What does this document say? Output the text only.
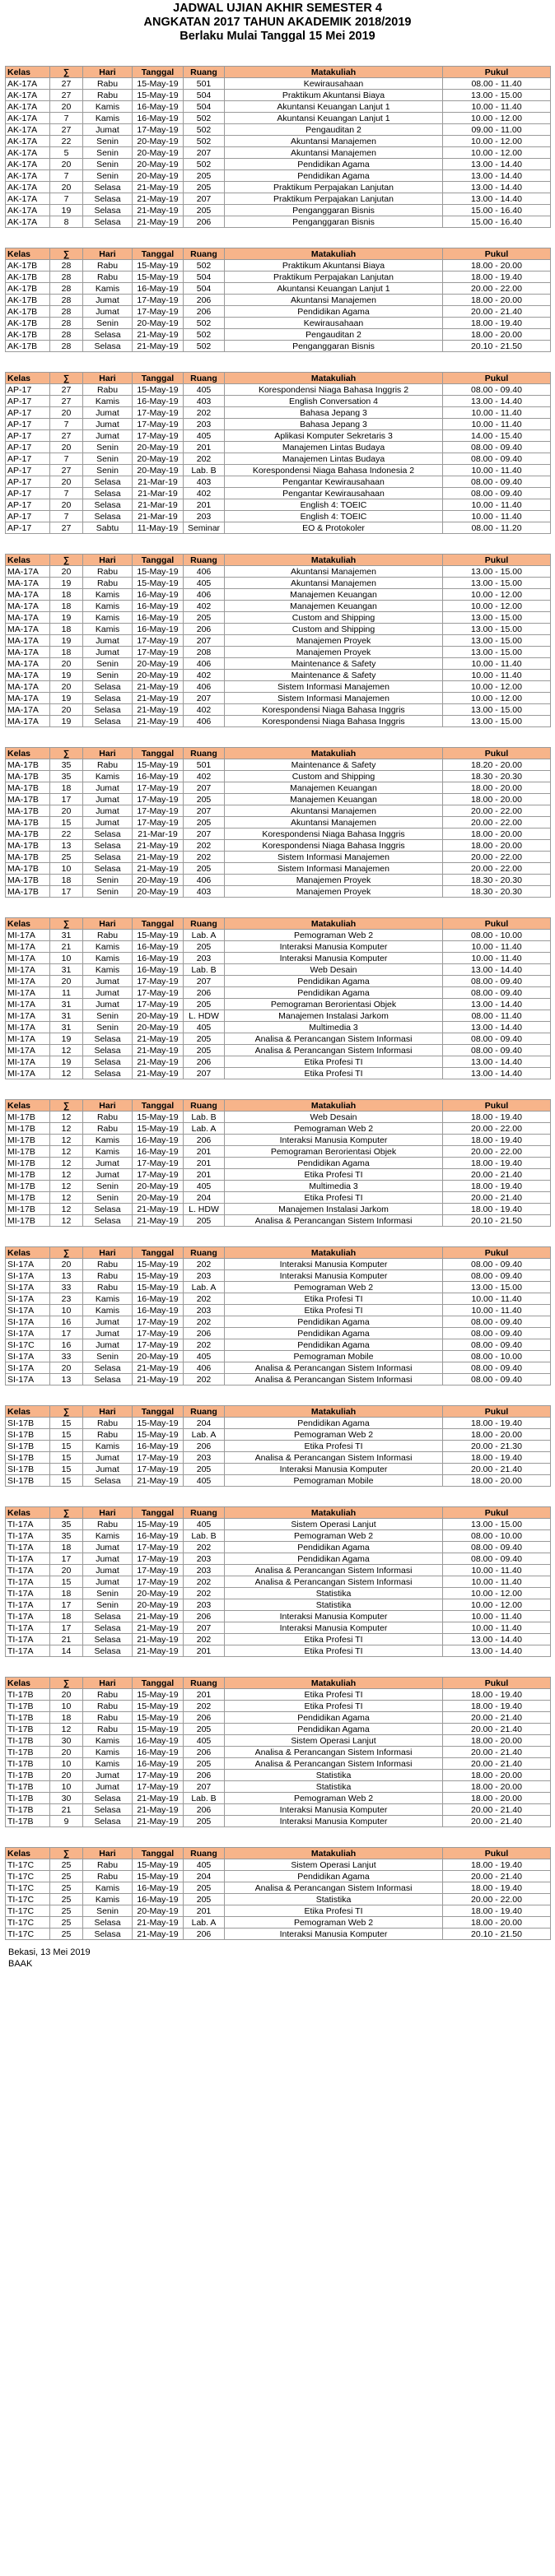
JADWAL UJIAN AKHIR SEMESTER 4
ANGKATAN 2017 TAHUN AKADEMIK 2018/2019
Berlaku Mulai Tanggal 15 Mei 2019
Kelas	∑	Hari	Tanggal	Ruang	Matakuliah	Pukul
AK-17A	27	Rabu	15-May-19	501	Kewirausahaan	08.00 - 11.40
AK-17A	27	Rabu	15-May-19	504	Praktikum Akuntansi Biaya	13.00 - 15.00
AK-17A	20	Kamis	16-May-19	504	Akuntansi Keuangan Lanjut 1	10.00 - 11.40
AK-17A	7	Kamis	16-May-19	502	Akuntansi Keuangan Lanjut 1	10.00 - 12.00
AK-17A	27	Jumat	17-May-19	502	Pengauditan 2	09.00 - 11.00
AK-17A	22	Senin	20-May-19	502	Akuntansi Manajemen	10.00 - 12.00
AK-17A	5	Senin	20-May-19	207	Akuntansi Manajemen	10.00 - 12.00
AK-17A	20	Senin	20-May-19	502	Pendidikan Agama	13.00 - 14.40
AK-17A	7	Senin	20-May-19	205	Pendidikan Agama	13.00 - 14.40
AK-17A	20	Selasa	21-May-19	205	Praktikum Perpajakan Lanjutan	13.00 - 14.40
AK-17A	7	Selasa	21-May-19	207	Praktikum Perpajakan Lanjutan	13.00 - 14.40
AK-17A	19	Selasa	21-May-19	205	Penganggaran Bisnis	15.00 - 16.40
AK-17A	8	Selasa	21-May-19	206	Penganggaran Bisnis	15.00 - 16.40
Kelas	∑	Hari	Tanggal	Ruang	Matakuliah	Pukul
AK-17B	28	Rabu	15-May-19	502	Praktikum Akuntansi Biaya	18.00 - 20.00
AK-17B	28	Rabu	15-May-19	504	Praktikum Perpajakan Lanjutan	18.00 - 19.40
AK-17B	28	Kamis	16-May-19	504	Akuntansi Keuangan Lanjut 1	20.00 - 22.00
AK-17B	28	Jumat	17-May-19	206	Akuntansi Manajemen	18.00 - 20.00
AK-17B	28	Jumat	17-May-19	206	Pendidikan Agama	20.00 - 21.40
AK-17B	28	Senin	20-May-19	502	Kewirausahaan	18.00 - 19.40
AK-17B	28	Selasa	21-May-19	502	Pengauditan 2	18.00 - 20.00
AK-17B	28	Selasa	21-May-19	502	Penganggaran Bisnis	20.10 - 21.50
Kelas	∑	Hari	Tanggal	Ruang	Matakuliah	Pukul
AP-17	27	Rabu	15-May-19	405	Korespondensi Niaga Bahasa Inggris 2	08.00 - 09.40
AP-17	27	Kamis	16-May-19	403	English Conversation 4	13.00 - 14.40
AP-17	20	Jumat	17-May-19	202	Bahasa Jepang 3	10.00 - 11.40
AP-17	7	Jumat	17-May-19	203	Bahasa Jepang 3	10.00 - 11.40
AP-17	27	Jumat	17-May-19	405	Aplikasi Komputer Sekretaris 3	14.00 - 15.40
AP-17	20	Senin	20-May-19	201	Manajemen Lintas Budaya	08.00 - 09.40
AP-17	7	Senin	20-May-19	202	Manajemen Lintas Budaya	08.00 - 09.40
AP-17	27	Senin	20-May-19	Lab. B	Korespondensi Niaga Bahasa Indonesia 2	10.00 - 11.40
AP-17	20	Selasa	21-Mar-19	403	Pengantar Kewirausahaan	08.00 - 09.40
AP-17	7	Selasa	21-Mar-19	402	Pengantar Kewirausahaan	08.00 - 09.40
AP-17	20	Selasa	21-Mar-19	201	English 4: TOEIC	10.00 - 11.40
AP-17	7	Selasa	21-Mar-19	203	English 4: TOEIC	10.00 - 11.40
AP-17	27	Sabtu	11-May-19	Seminar	EO & Protokoler	08.00 - 11.20
Kelas	∑	Hari	Tanggal	Ruang	Matakuliah	Pukul
MA-17A	20	Rabu	15-May-19	406	Akuntansi Manajemen	13.00 - 15.00
MA-17A	19	Rabu	15-May-19	405	Akuntansi Manajemen	13.00 - 15.00
MA-17A	18	Kamis	16-May-19	406	Manajemen Keuangan	10.00 - 12.00
MA-17A	18	Kamis	16-May-19	402	Manajemen Keuangan	10.00 - 12.00
MA-17A	19	Kamis	16-May-19	205	Custom and Shipping	13.00 - 15.00
MA-17A	18	Kamis	16-May-19	206	Custom and Shipping	13.00 - 15.00
MA-17A	19	Jumat	17-May-19	207	Manajemen Proyek	13.00 - 15.00
MA-17A	18	Jumat	17-May-19	208	Manajemen Proyek	13.00 - 15.00
MA-17A	20	Senin	20-May-19	406	Maintenance & Safety	10.00 - 11.40
MA-17A	19	Senin	20-May-19	402	Maintenance & Safety	10.00 - 11.40
MA-17A	20	Selasa	21-May-19	406	Sistem Informasi Manajemen	10.00 - 12.00
MA-17A	19	Selasa	21-May-19	207	Sistem Informasi Manajemen	10.00 - 12.00
MA-17A	20	Selasa	21-May-19	402	Korespondensi Niaga Bahasa Inggris	13.00 - 15.00
MA-17A	19	Selasa	21-May-19	406	Korespondensi Niaga Bahasa Inggris	13.00 - 15.00
Kelas	∑	Hari	Tanggal	Ruang	Matakuliah	Pukul
MA-17B	35	Rabu	15-May-19	501	Maintenance & Safety	18.20 - 20.00
MA-17B	35	Kamis	16-May-19	402	Custom and Shipping	18.30 - 20.30
MA-17B	18	Jumat	17-May-19	207	Manajemen Keuangan	18.00 - 20.00
MA-17B	17	Jumat	17-May-19	205	Manajemen Keuangan	18.00 - 20.00
MA-17B	20	Jumat	17-May-19	207	Akuntansi Manajemen	20.00 - 22.00
MA-17B	15	Jumat	17-May-19	205	Akuntansi Manajemen	20.00 - 22.00
MA-17B	22	Selasa	21-Mar-19	207	Korespondensi Niaga Bahasa Inggris	18.00 - 20.00
MA-17B	13	Selasa	21-May-19	202	Korespondensi Niaga Bahasa Inggris	18.00 - 20.00
MA-17B	25	Selasa	21-May-19	202	Sistem Informasi Manajemen	20.00 - 22.00
MA-17B	10	Selasa	21-May-19	205	Sistem Informasi Manajemen	20.00 - 22.00
MA-17B	18	Senin	20-May-19	406	Manajemen Proyek	18.30 - 20.30
MA-17B	17	Senin	20-May-19	403	Manajemen Proyek	18.30 - 20.30
Kelas	∑	Hari	Tanggal	Ruang	Matakuliah	Pukul
MI-17A	31	Rabu	15-May-19	Lab. A	Pemograman Web 2	08.00 - 10.00
MI-17A	21	Kamis	16-May-19	205	Interaksi Manusia Komputer	10.00 - 11.40
MI-17A	10	Kamis	16-May-19	203	Interaksi Manusia Komputer	10.00 - 11.40
MI-17A	31	Kamis	16-May-19	Lab. B	Web Desain	13.00 - 14.40
MI-17A	20	Jumat	17-May-19	207	Pendidikan Agama	08.00 - 09.40
MI-17A	11	Jumat	17-May-19	206	Pendidikan Agama	08.00 - 09.40
MI-17A	31	Jumat	17-May-19	205	Pemograman Berorientasi Objek	13.00 - 14.40
MI-17A	31	Senin	20-May-19	L. HDW	Manajemen Instalasi Jarkom	08.00 - 11.40
MI-17A	31	Senin	20-May-19	405	Multimedia 3	13.00 - 14.40
MI-17A	19	Selasa	21-May-19	205	Analisa & Perancangan Sistem Informasi	08.00 - 09.40
MI-17A	12	Selasa	21-May-19	205	Analisa & Perancangan Sistem Informasi	08.00 - 09.40
MI-17A	19	Selasa	21-May-19	206	Etika Profesi TI	13.00 - 14.40
MI-17A	12	Selasa	21-May-19	207	Etika Profesi TI	13.00 - 14.40
Kelas	∑	Hari	Tanggal	Ruang	Matakuliah	Pukul
MI-17B	12	Rabu	15-May-19	Lab. B	Web Desain	18.00 - 19.40
MI-17B	12	Rabu	15-May-19	Lab. A	Pemograman Web 2	20.00 - 22.00
MI-17B	12	Kamis	16-May-19	206	Interaksi Manusia Komputer	18.00 - 19.40
MI-17B	12	Kamis	16-May-19	201	Pemograman Berorientasi Objek	20.00 - 22.00
MI-17B	12	Jumat	17-May-19	201	Pendidikan Agama	18.00 - 19.40
MI-17B	12	Jumat	17-May-19	201	Etika Profesi TI	20.00 - 21.40
MI-17B	12	Senin	20-May-19	405	Multimedia 3	18.00 - 19.40
MI-17B	12	Senin	20-May-19	204	Etika Profesi TI	20.00 - 21.40
MI-17B	12	Selasa	21-May-19	L. HDW	Manajemen Instalasi Jarkom	18.00 - 19.40
MI-17B	12	Selasa	21-May-19	205	Analisa & Perancangan Sistem Informasi	20.10 - 21.50
Kelas	∑	Hari	Tanggal	Ruang	Matakuliah	Pukul
SI-17A	20	Rabu	15-May-19	202	Interaksi Manusia Komputer	08.00 - 09.40
SI-17A	13	Rabu	15-May-19	203	Interaksi Manusia Komputer	08.00 - 09.40
SI-17A	33	Rabu	15-May-19	Lab. A	Pemograman Web 2	13.00 - 15.00
SI-17A	23	Kamis	16-May-19	202	Etika Profesi TI	10.00 - 11.40
SI-17A	10	Kamis	16-May-19	203	Etika Profesi TI	10.00 - 11.40
SI-17A	16	Jumat	17-May-19	202	Pendidikan Agama	08.00 - 09.40
SI-17A	17	Jumat	17-May-19	206	Pendidikan Agama	08.00 - 09.40
SI-17C	16	Jumat	17-May-19	202	Pendidikan Agama	08.00 - 09.40
SI-17A	33	Senin	20-May-19	405	Pemograman Mobile	08.00 - 10.00
SI-17A	20	Selasa	21-May-19	406	Analisa & Perancangan Sistem Informasi	08.00 - 09.40
SI-17A	13	Selasa	21-May-19	202	Analisa & Perancangan Sistem Informasi	08.00 - 09.40
Kelas	∑	Hari	Tanggal	Ruang	Matakuliah	Pukul
SI-17B	15	Rabu	15-May-19	204	Pendidikan Agama	18.00 - 19.40
SI-17B	15	Rabu	15-May-19	Lab. A	Pemograman Web 2	18.00 - 20.00
SI-17B	15	Kamis	16-May-19	206	Etika Profesi TI	20.00 - 21.30
SI-17B	15	Jumat	17-May-19	203	Analisa & Perancangan Sistem Informasi	18.00 - 19.40
SI-17B	15	Jumat	17-May-19	205	Interaksi Manusia Komputer	20.00 - 21.40
SI-17B	15	Selasa	21-May-19	405	Pemograman Mobile	18.00 - 20.00
Kelas	∑	Hari	Tanggal	Ruang	Matakuliah	Pukul
TI-17A	35	Rabu	15-May-19	405	Sistem Operasi Lanjut	13.00 - 15.00
TI-17A	35	Kamis	16-May-19	Lab. B	Pemograman Web 2	08.00 - 10.00
TI-17A	18	Jumat	17-May-19	202	Pendidikan Agama	08.00 - 09.40
TI-17A	17	Jumat	17-May-19	203	Pendidikan Agama	08.00 - 09.40
TI-17A	20	Jumat	17-May-19	203	Analisa & Perancangan Sistem Informasi	10.00 - 11.40
TI-17A	15	Jumat	17-May-19	202	Analisa & Perancangan Sistem Informasi	10.00 - 11.40
TI-17A	18	Senin	20-May-19	202	Statistika	10.00 - 12.00
TI-17A	17	Senin	20-May-19	203	Statistika	10.00 - 12.00
TI-17A	18	Selasa	21-May-19	206	Interaksi Manusia Komputer	10.00 - 11.40
TI-17A	17	Selasa	21-May-19	207	Interaksi Manusia Komputer	10.00 - 11.40
TI-17A	21	Selasa	21-May-19	202	Etika Profesi TI	13.00 - 14.40
TI-17A	14	Selasa	21-May-19	201	Etika Profesi TI	13.00 - 14.40
Kelas	∑	Hari	Tanggal	Ruang	Matakuliah	Pukul
TI-17B	20	Rabu	15-May-19	201	Etika Profesi TI	18.00 - 19.40
TI-17B	10	Rabu	15-May-19	202	Etika Profesi TI	18.00 - 19.40
TI-17B	18	Rabu	15-May-19	206	Pendidikan Agama	20.00 - 21.40
TI-17B	12	Rabu	15-May-19	205	Pendidikan Agama	20.00 - 21.40
TI-17B	30	Kamis	16-May-19	405	Sistem Operasi Lanjut	18.00 - 20.00
TI-17B	20	Kamis	16-May-19	206	Analisa & Perancangan Sistem Informasi	20.00 - 21.40
TI-17B	10	Kamis	16-May-19	205	Analisa & Perancangan Sistem Informasi	20.00 - 21.40
TI-17B	20	Jumat	17-May-19	206	Statistika	18.00 - 20.00
TI-17B	10	Jumat	17-May-19	207	Statistika	18.00 - 20.00
TI-17B	30	Selasa	21-May-19	Lab. B	Pemograman Web 2	18.00 - 20.00
TI-17B	21	Selasa	21-May-19	206	Interaksi Manusia Komputer	20.00 - 21.40
TI-17B	9	Selasa	21-May-19	205	Interaksi Manusia Komputer	20.00 - 21.40
Kelas	∑	Hari	Tanggal	Ruang	Matakuliah	Pukul
TI-17C	25	Rabu	15-May-19	405	Sistem Operasi Lanjut	18.00 - 19.40
TI-17C	25	Rabu	15-May-19	204	Pendidikan Agama	20.00 - 21.40
TI-17C	25	Kamis	16-May-19	205	Analisa & Perancangan Sistem Informasi	18.00 - 19.40
TI-17C	25	Kamis	16-May-19	205	Statistika	20.00 - 22.00
TI-17C	25	Senin	20-May-19	201	Etika Profesi TI	18.00 - 19.40
TI-17C	25	Selasa	21-May-19	Lab. A	Pemograman Web 2	18.00 - 20.00
TI-17C	25	Selasa	21-May-19	206	Interaksi Manusia Komputer	20.10 - 21.50
Bekasi, 13 Mei 2019
BAAK
